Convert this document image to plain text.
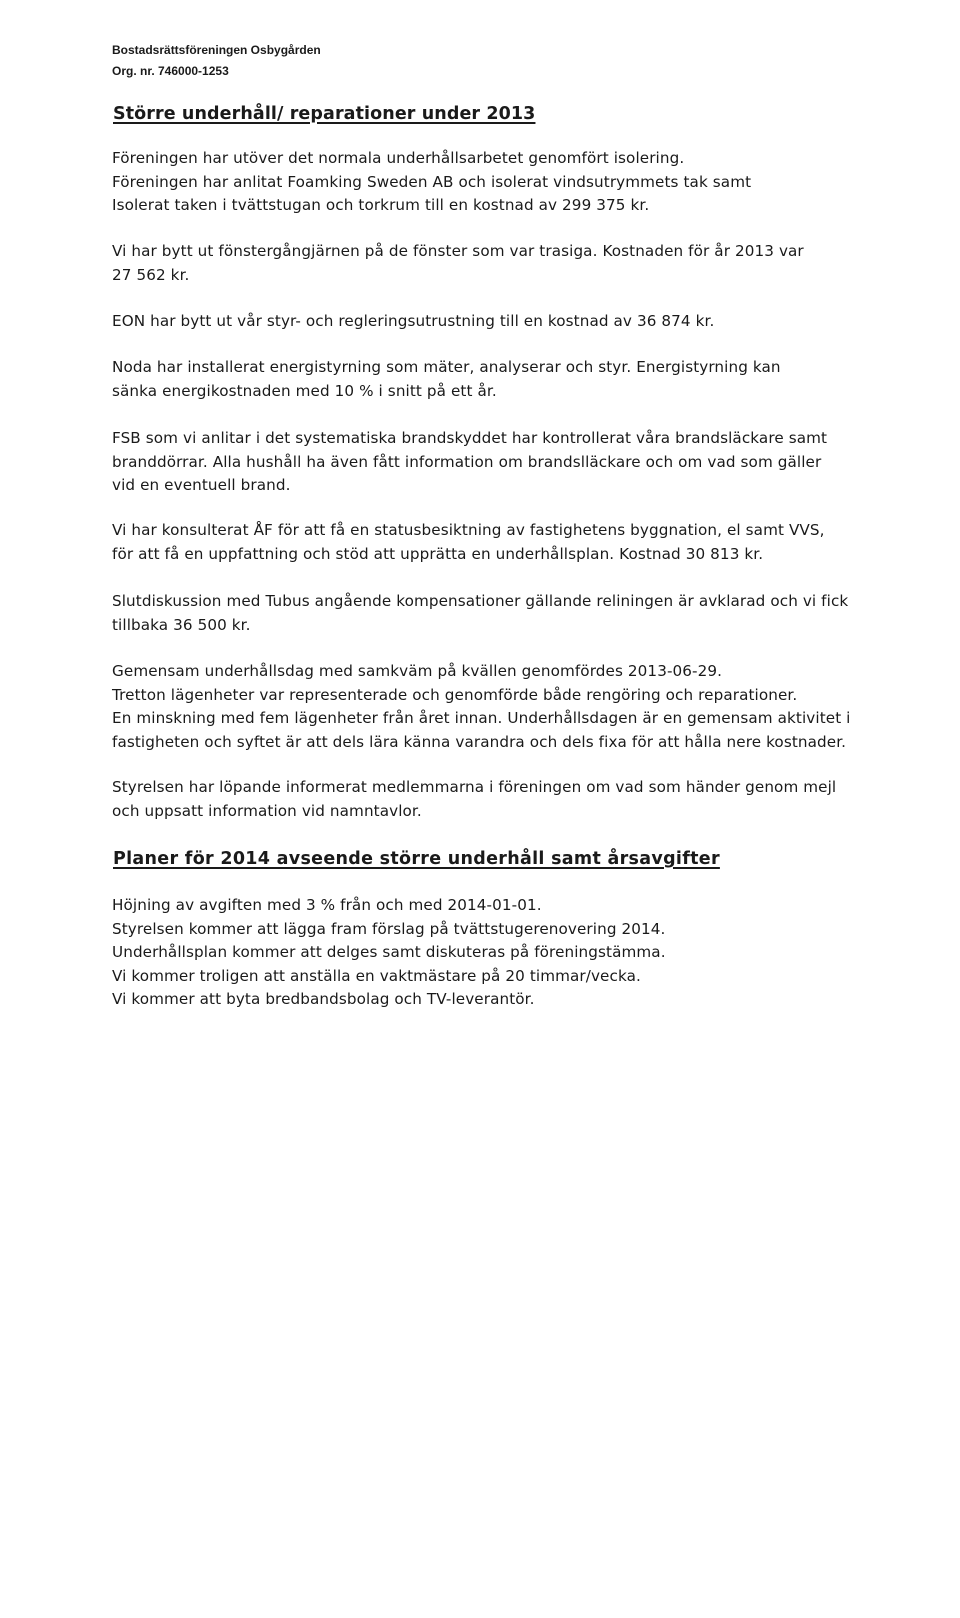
Bostadsrättsföreningen Osbygården
Org. nr. 746000-1253
Större underhåll/ reparationer under 2013
Föreningen har utöver det normala underhållsarbetet genomfört isolering.
Föreningen har anlitat Foamking Sweden AB och isolerat vindsutrymmets tak samt
Isolerat taken i tvättstugan och torkrum till en kostnad av 299 375 kr.
Vi har bytt ut fönstergångjärnen på de fönster som var trasiga. Kostnaden för år 2013 var
27 562 kr.
EON har bytt ut vår styr- och regleringsutrustning till en kostnad av 36 874 kr.
Noda har installerat energistyrning som mäter, analyserar och styr. Energistyrning kan
sänka energikostnaden med 10 % i snitt på ett år.
FSB som vi anlitar i det systematiska brandskyddet har kontrollerat våra brandsläckare samt
branddörrar. Alla hushåll ha även fått information om brandslläckare och om vad som gäller
vid en eventuell brand.
Vi har konsulterat ÅF för att få en statusbesiktning av fastighetens byggnation, el samt VVS,
för att få en uppfattning och stöd att upprätta en underhållsplan. Kostnad 30 813 kr.
Slutdiskussion med Tubus angående kompensationer gällande reliningen är avklarad och vi fick
tillbaka 36 500 kr.
Gemensam underhållsdag med samkväm på kvällen genomfördes 2013-06-29.
Tretton lägenheter var representerade och genomförde både rengöring och reparationer.
En minskning med fem lägenheter från året innan. Underhållsdagen är en gemensam aktivitet i
fastigheten och syftet är att dels lära känna varandra och dels fixa för att hålla nere kostnader.
Styrelsen har löpande informerat medlemmarna i föreningen om vad som händer genom mejl
och uppsatt information vid namntavlor.
Planer för 2014 avseende större underhåll samt årsavgifter
Höjning av avgiften med 3 % från och med 2014-01-01.
Styrelsen kommer att lägga fram förslag på tvättstugerenovering 2014.
Underhållsplan kommer att delges samt diskuteras på föreningstämma.
Vi kommer troligen att anställa en vaktmästare på 20 timmar/vecka.
Vi kommer att byta bredbandsbolag och TV-leverantör.
